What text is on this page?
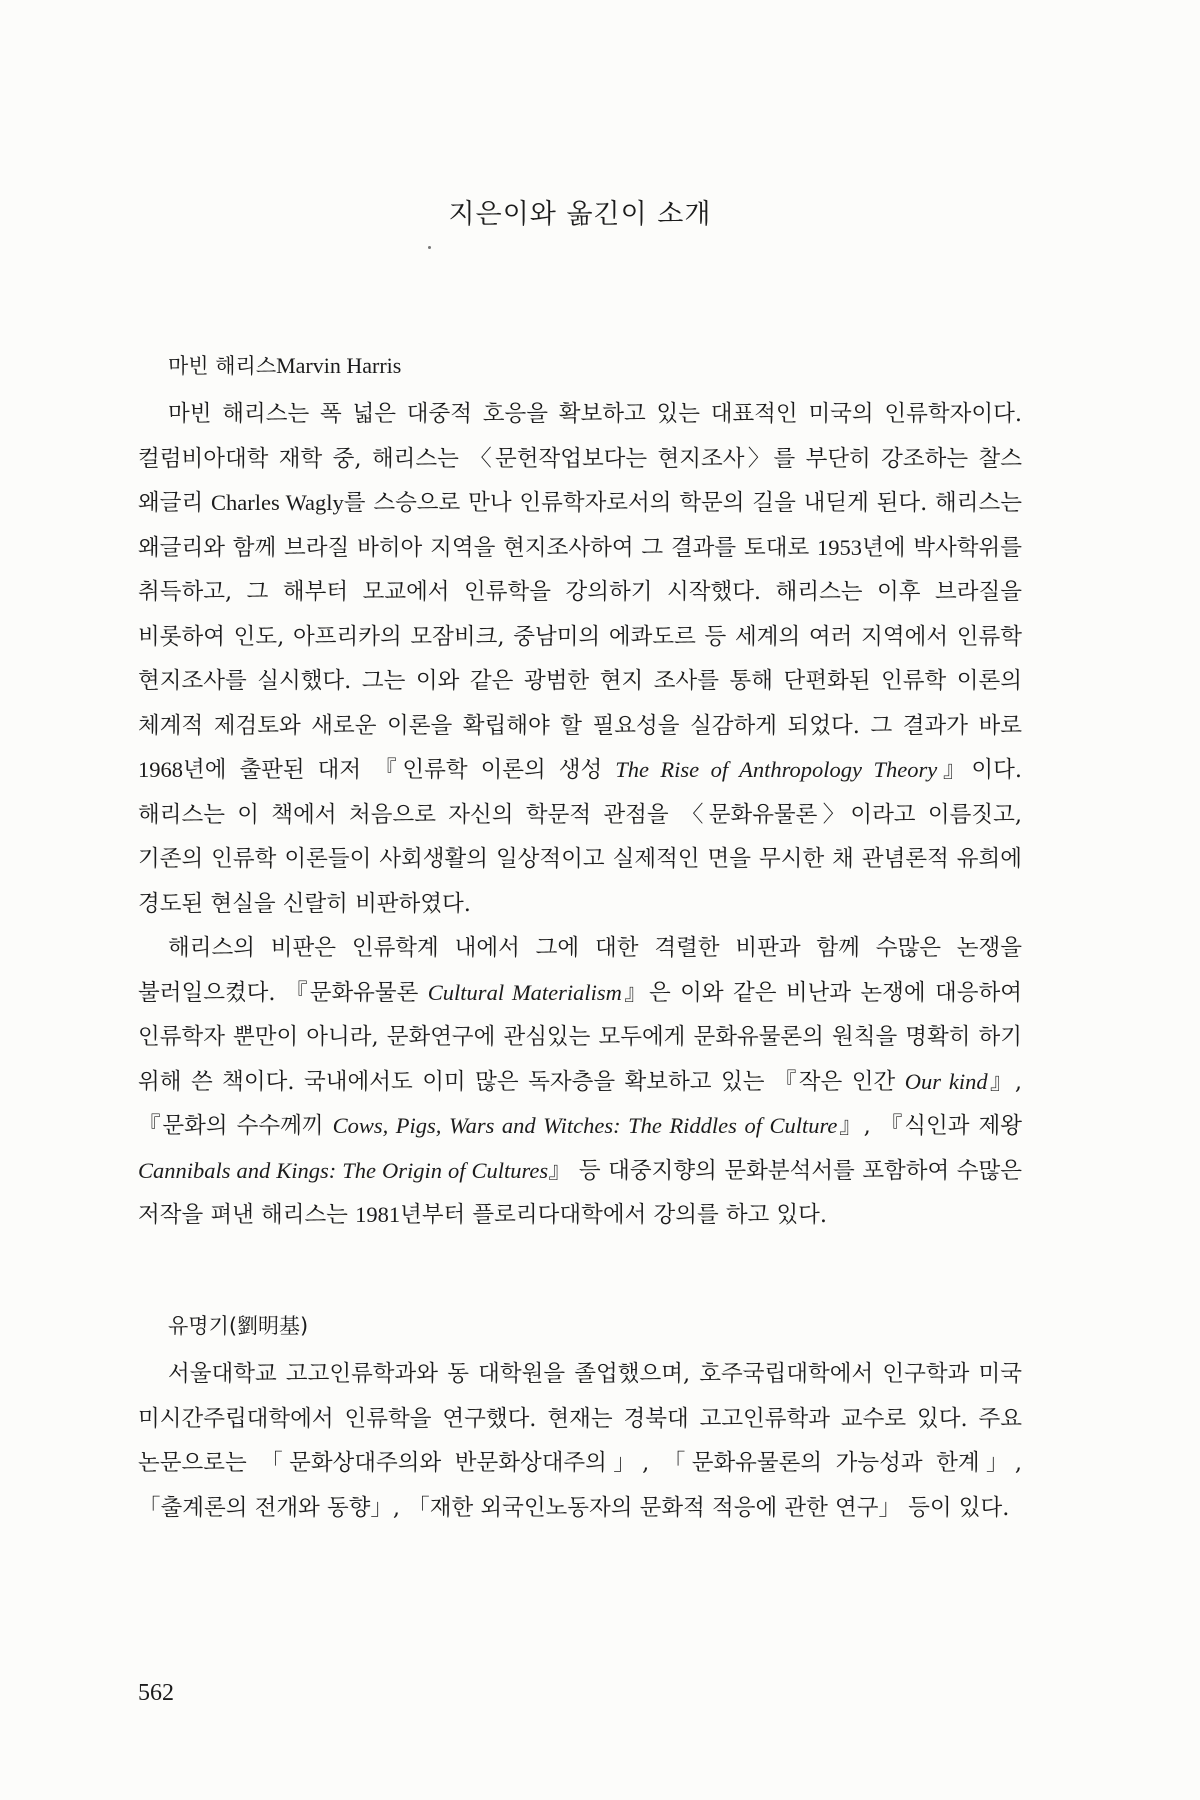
지은이와 옮긴이 소개
마빈 해리스Marvin Harris

마빈 해리스는 폭 넓은 대중적 호응을 확보하고 있는 대표적인 미국의 인류학자이다. 컬럼비아대학 재학 중, 해리스는 〈문헌작업보다는 현지조사〉를 부단히 강조하는 찰스 왜글리 Charles Wagly를 스승으로 만나 인류학자로서의 학문의 길을 내딛게 된다. 해리스는 왜글리와 함께 브라질 바히아 지역을 현지조사하여 그 결과를 토대로 1953년에 박사학위를 취득하고, 그 해부터 모교에서 인류학을 강의하기 시작했다. 해리스는 이후 브라질을 비롯하여 인도, 아프리카의 모잠비크, 중남미의 에콰도르 등 세계의 여러 지역에서 인류학 현지조사를 실시했다. 그는 이와 같은 광범한 현지 조사를 통해 단편화된 인류학 이론의 체계적 제검토와 새로운 이론을 확립해야 할 필요성을 실감하게 되었다. 그 결과가 바로 1968년에 출판된 대저 『인류학 이론의 생성 The Rise of Anthropology Theory』이다. 해리스는 이 책에서 처음으로 자신의 학문적 관점을 〈문화유물론〉이라고 이름짓고, 기존의 인류학 이론들이 사회생활의 일상적이고 실제적인 면을 무시한 채 관념론적 유희에 경도된 현실을 신랄히 비판하였다.

해리스의 비판은 인류학계 내에서 그에 대한 격렬한 비판과 함께 수많은 논쟁을 불러일으켰다. 『문화유물론 Cultural Materialism』은 이와 같은 비난과 논쟁에 대응하여 인류학자 뿐만이 아니라, 문화연구에 관심있는 모두에게 문화유물론의 원칙을 명확히 하기 위해 쓴 책이다. 국내에서도 이미 많은 독자층을 확보하고 있는 『작은 인간 Our kind』, 『문화의 수수께끼 Cows, Pigs, Wars and Witches: The Riddles of Culture』, 『식인과 제왕 Cannibals and Kings: The Origin of Cultures』 등 대중지향의 문화분석서를 포함하여 수많은 저작을 펴낸 해리스는 1981년부터 플로리다대학에서 강의를 하고 있다.

유명기(劉明基)

서울대학교 고고인류학과와 동 대학원을 졸업했으며, 호주국립대학에서 인구학과 미국 미시간주립대학에서 인류학을 연구했다. 현재는 경북대 고고인류학과 교수로 있다. 주요 논문으로는 「문화상대주의와 반문화상대주의」, 「문화유물론의 가능성과 한계」, 「출계론의 전개와 동향」, 「재한 외국인노동자의 문화적 적응에 관한 연구」 등이 있다.

562
